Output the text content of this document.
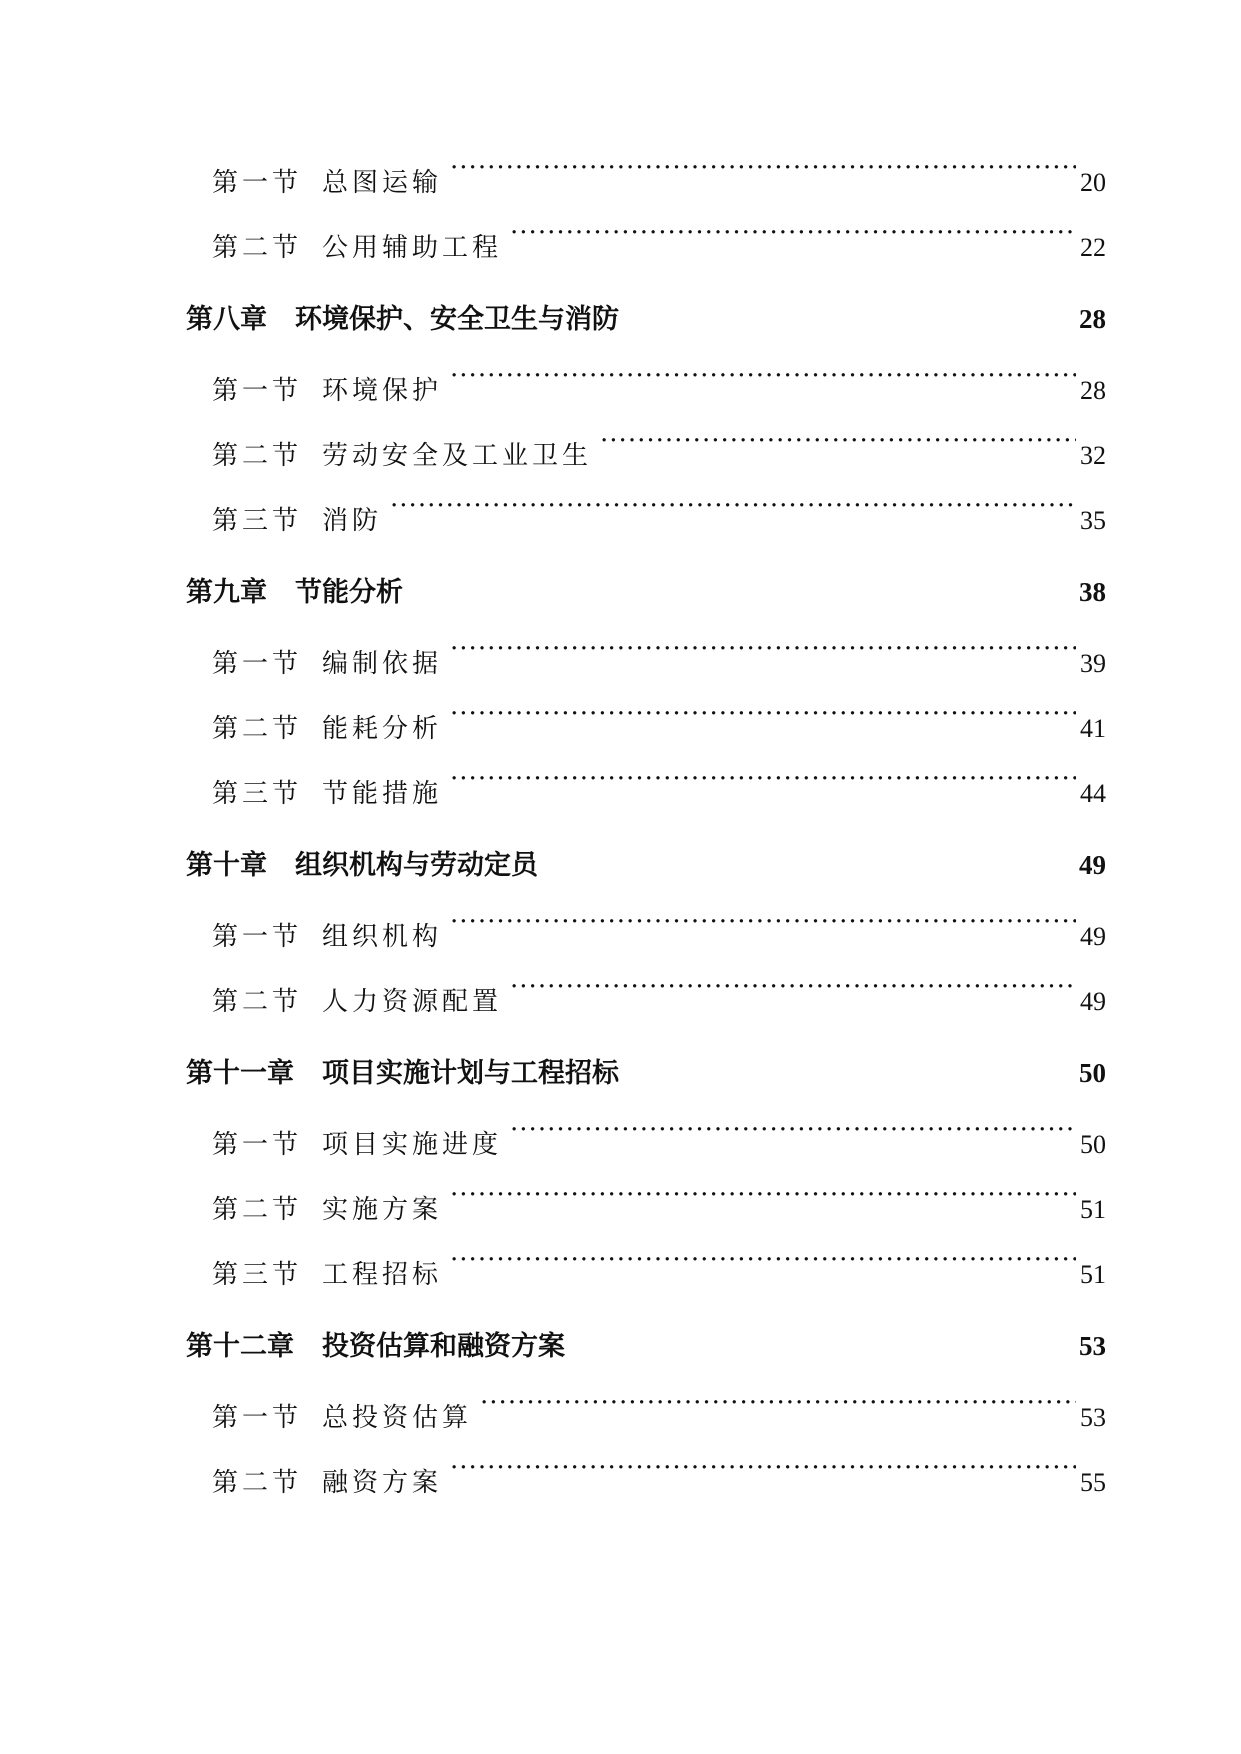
第一节 总图运输 .....	20
第二节 公用辅助工程 .....	22
第八章 环境保护、安全卫生与消防 .....	28
第一节 环境保护 .....	28
第二节 劳动安全及工业卫生 .....	32
第三节 消防 .....	35
第九章 节能分析 .....	38
第一节 编制依据 .....	39
第二节 能耗分析 .....	41
第三节 节能措施 .....	44
第十章 组织机构与劳动定员 .....	49
第一节 组织机构 .....	49
第二节 人力资源配置 .....	49
第十一章 项目实施计划与工程招标 .....	50
第一节 项目实施进度 .....	50
第二节 实施方案 .....	51
第三节 工程招标 .....	51
第十二章 投资估算和融资方案 .....	53
第一节 总投资估算 .....	53
第二节 融资方案 .....	55
